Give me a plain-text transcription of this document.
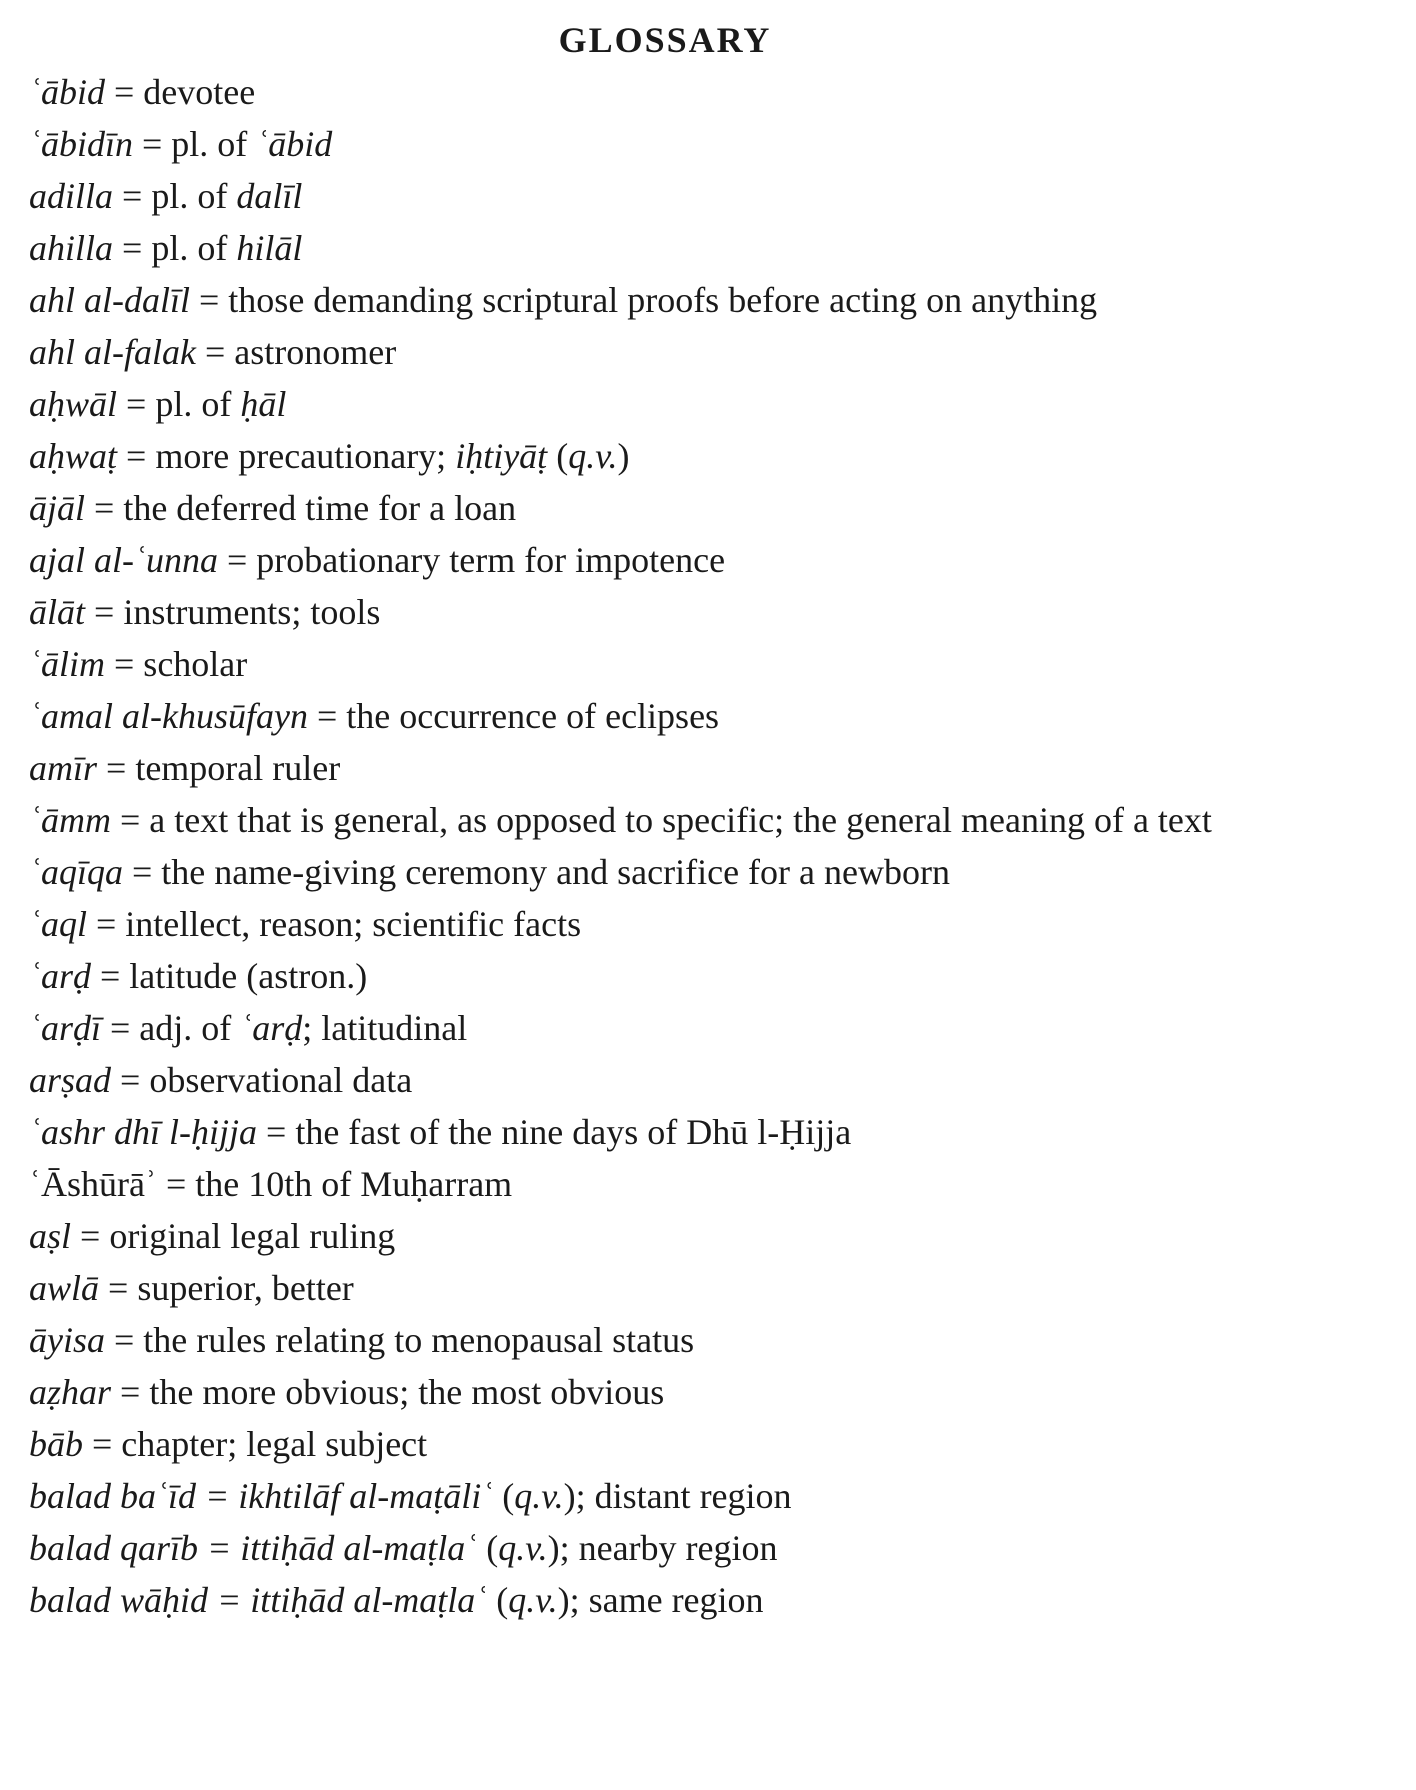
GLOSSARY
ʿābid = devotee
ʿābidīn = pl. of ʿābid
adilla = pl. of dalīl
ahilla = pl. of hilāl
ahl al-dalīl = those demanding scriptural proofs before acting on anything
ahl al-falak = astronomer
aḥwāl = pl. of ḥāl
aḥwaṭ = more precautionary; iḥtiyāṭ (q.v.)
ājāl = the deferred time for a loan
ajal al-ʿunna = probationary term for impotence
ālāt = instruments; tools
ʿālim = scholar
ʿamal al-khusūfayn = the occurrence of eclipses
amīr = temporal ruler
ʿāmm = a text that is general, as opposed to specific; the general meaning of a text
ʿaqīqa = the name-giving ceremony and sacrifice for a newborn
ʿaql = intellect, reason; scientific facts
ʿarḍ = latitude (astron.)
ʿarḍī = adj. of ʿarḍ; latitudinal
arṣad = observational data
ʿashr dhī l-ḥijja = the fast of the nine days of Dhū l-Ḥijja
ʿĀshūrāʾ = the 10th of Muḥarram
aṣl = original legal ruling
awlā = superior, better
āyisa = the rules relating to menopausal status
aẓhar = the more obvious; the most obvious
bāb = chapter; legal subject
balad baʿīd = ikhtilāf al-maṭāliʿ (q.v.); distant region
balad qarīb = ittiḥād al-maṭlaʿ (q.v.); nearby region
balad wāḥid = ittiḥād al-maṭlaʿ (q.v.); same region
